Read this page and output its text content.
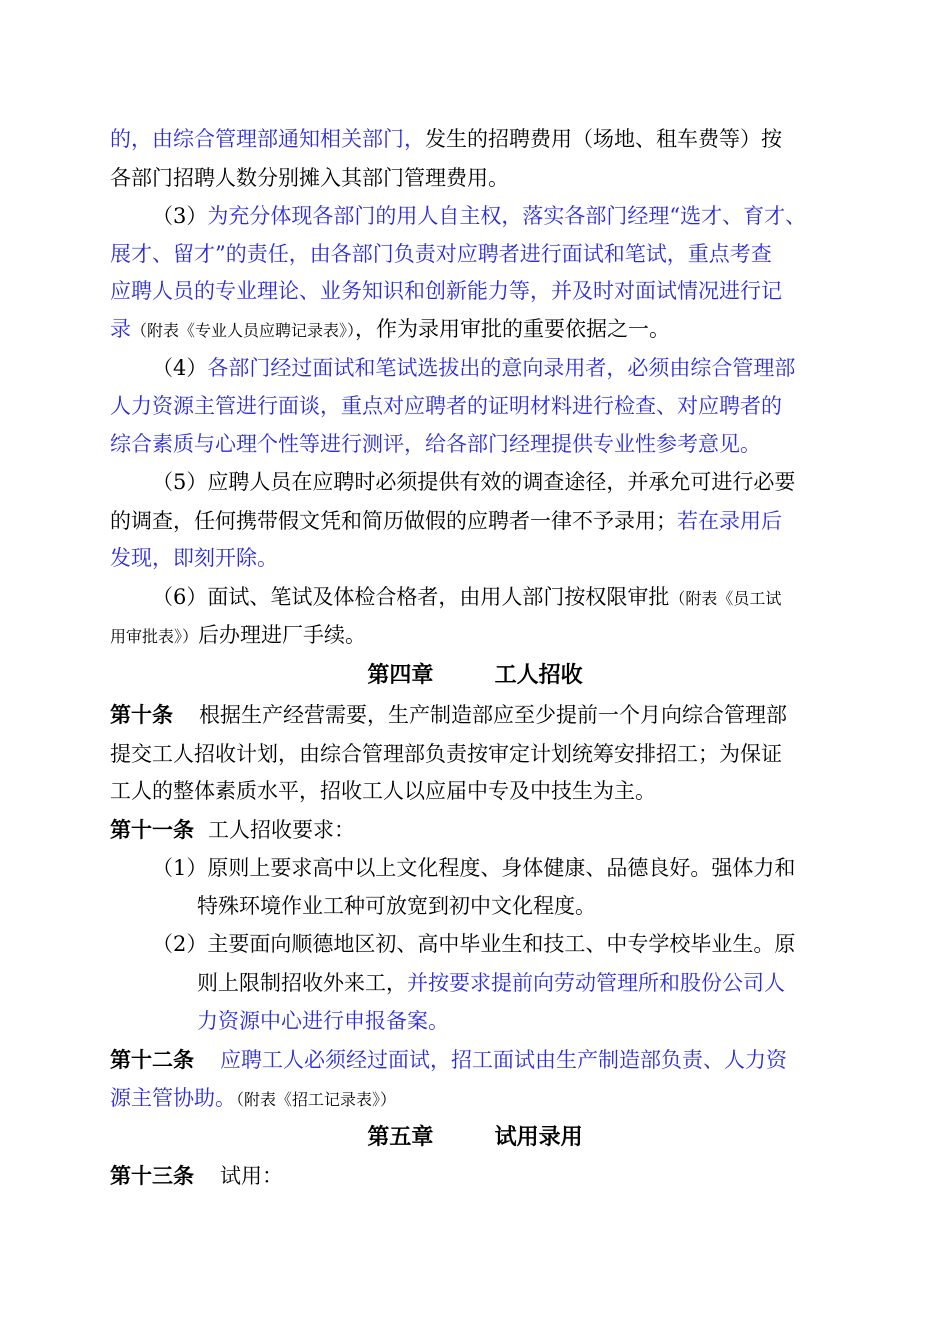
的，由综合管理部通知相关部门，发生的招聘费用（场地、租车费等）按
各部门招聘人数分别摊入其部门管理费用。
（3）为充分体现各部门的用人自主权，落实各部门经理“选才、育才、
展才、留才”的责任，由各部门负责对应聘者进行面试和笔试，重点考查
应聘人员的专业理论、业务知识和创新能力等，并及时对面试情况进行记
录（附表《专业人员应聘记录表》），作为录用审批的重要依据之一。
（4）各部门经过面试和笔试选拔出的意向录用者，必须由综合管理部
人力资源主管进行面谈，重点对应聘者的证明材料进行检查、对应聘者的
综合素质与心理个性等进行测评，给各部门经理提供专业性参考意见。
（5）应聘人员在应聘时必须提供有效的调查途径，并承允可进行必要
的调查，任何携带假文凭和简历做假的应聘者一律不予录用；若在录用后
发现，即刻开除。
（6）面试、笔试及体检合格者，由用人部门按权限审批（附表《员工试
用审批表》）后办理进厂手续。
第四章        工人招收
第十条 根据生产经营需要，生产制造部应至少提前一个月向综合管理部
提交工人招收计划，由综合管理部负责按审定计划统筹安排招工；为保证
工人的整体素质水平，招收工人以应届中专及中技生为主。
第十一条 工人招收要求：
（1）原则上要求高中以上文化程度、身体健康、品德良好。强体力和
特殊环境作业工种可放宽到初中文化程度。
（2）主要面向顺德地区初、高中毕业生和技工、中专学校毕业生。原
则上限制招收外来工，并按要求提前向劳动管理所和股份公司人
力资源中心进行申报备案。
第十二条 应聘工人必须经过面试，招工面试由生产制造部负责、人力资
源主管协助。（附表《招工记录表》）
第五章        试用录用
第十三条 试用：
